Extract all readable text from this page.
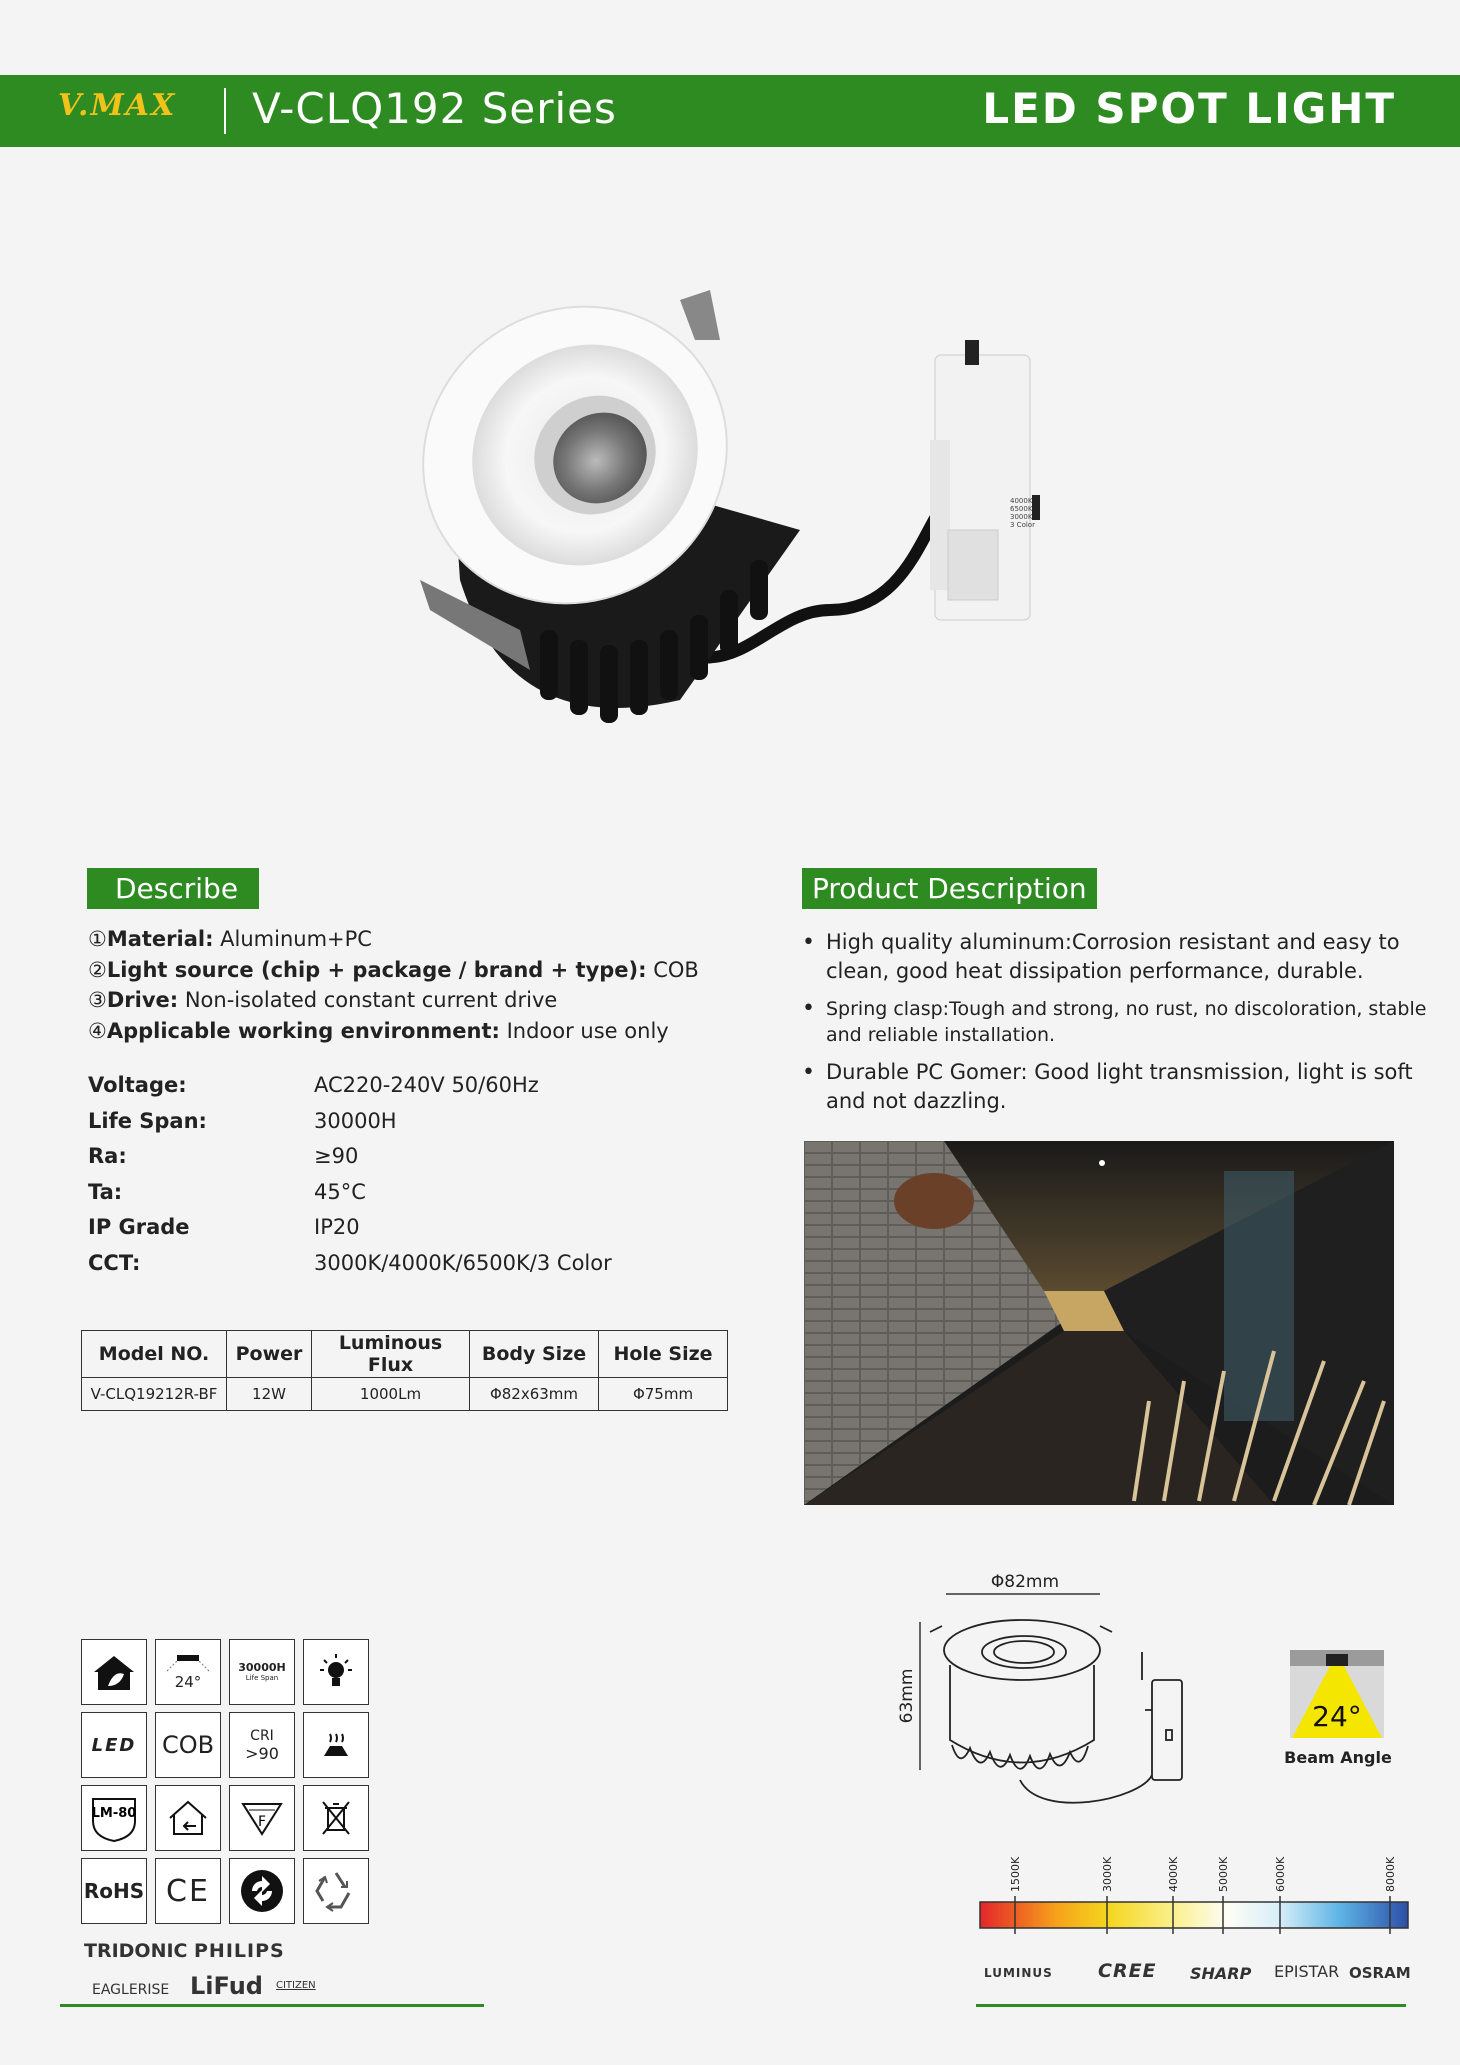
V.MAX V-CLQ192 Series	LED SPOT LIGHT
4000K 6500K 3000K 3 Color
Describe
①Material: Aluminum+PC
②Light source (chip + package / brand + type): COB
③Drive: Non-isolated constant current drive
④Applicable working environment: Indoor use only
Voltage:	AC220-240V 50/60Hz
Life Span:	30000H
Ra:	≥90
Ta:	45°C
IP Grade	IP20
CCT:	3000K/4000K/6500K/3 Color
Model NO.	Power	Luminous Flux	Body Size	Hole Size
V-CLQ19212R-BF	12W	1000Lm	Φ82x63mm	Φ75mm
Product Description
• High quality aluminum:Corrosion resistant and easy to clean, good heat dissipation performance, durable.
• Spring clasp:Tough and strong, no rust, no discoloration, stable and reliable installation.
• Durable PC Gomer: Good light transmission, light is soft and not dazzling.
24°
30000H
Life Span
LED COB	CRI
>90
LM-80
F
RoHS CE
TRIDONIC PHILIPS
EAGLERISE LiFud CITIZEN
Φ82mm
63mm	24°
Beam Angle
1500K	3000K	4000K	5000K	6000K	8000K
LUMINUS CREE SHARP EPISTAR OSRAM
